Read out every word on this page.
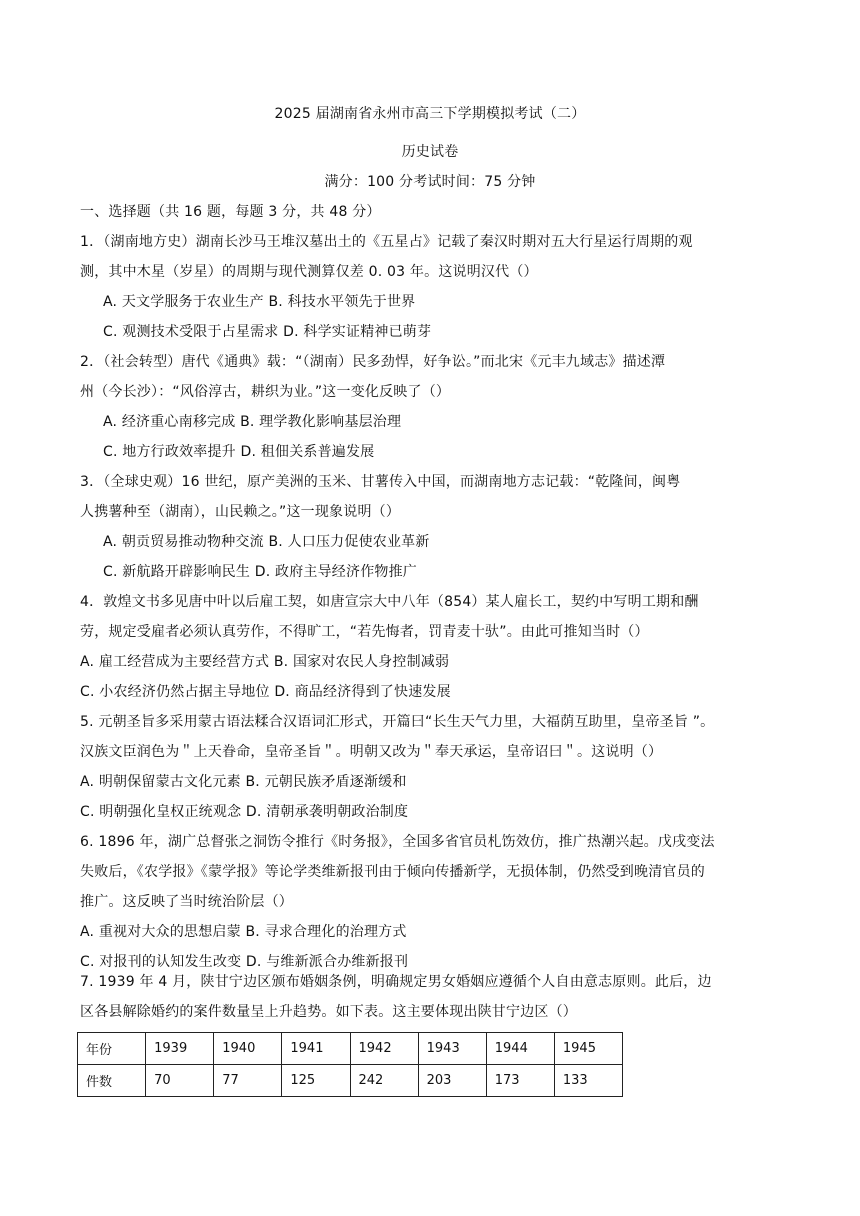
2025 届湖南省永州市高三下学期模拟考试（二）
历史试卷
满分：100 分考试时间：75 分钟
一、选择题（共 16 题，每题 3 分，共 48 分）
1．（湖南地方史）湖南长沙马王堆汉墓出土的《五星占》记载了秦汉时期对五大行星运行周期的观
测，其中木星（岁星）的周期与现代测算仅差 0. 03 年。这说明汉代（）
A. 天文学服务于农业生产 B. 科技水平领先于世界
C. 观测技术受限于占星需求 D. 科学实证精神已萌芽
2．（社会转型）唐代《通典》载：“（湖南）民多劲悍，好争讼。”而北宋《元丰九域志》描述潭
州（今长沙）：“风俗淳古，耕织为业。”这一变化反映了（）
A. 经济重心南移完成 B. 理学教化影响基层治理
C. 地方行政效率提升 D. 租佃关系普遍发展
3．（全球史观）16 世纪，原产美洲的玉米、甘薯传入中国，而湖南地方志记载：“乾隆间，闽粤
人携薯种至（湖南），山民赖之。”这一现象说明（）
A. 朝贡贸易推动物种交流 B. 人口压力促使农业革新
C. 新航路开辟影响民生 D. 政府主导经济作物推广
4．敦煌文书多见唐中叶以后雇工契，如唐宣宗大中八年（854）某人雇长工，契约中写明工期和酬
劳，规定受雇者必须认真劳作，不得旷工，“若先悔者，罚青麦十驮”。由此可推知当时（）
A. 雇工经营成为主要经营方式 B. 国家对农民人身控制减弱
C. 小农经济仍然占据主导地位 D. 商品经济得到了快速发展
5. 元朝圣旨多采用蒙古语法糅合汉语词汇形式，开篇曰“长生天气力里，大福荫互助里，皇帝圣旨 ”。
汉族文臣润色为＂上天眷命，皇帝圣旨＂。明朝又改为＂奉天承运，皇帝诏曰＂。这说明（）
A. 明朝保留蒙古文化元素 B. 元朝民族矛盾逐渐缓和
C. 明朝强化皇权正统观念 D. 清朝承袭明朝政治制度
6. 1896 年，湖广总督张之洞饬令推行《时务报》，全国多省官员札饬效仿，推广热潮兴起。戊戌变法
失败后，《农学报》《蒙学报》等论学类维新报刊由于倾向传播新学，无损体制，仍然受到晚清官员的
推广。这反映了当时统治阶层（）
A. 重视对大众的思想启蒙 B. 寻求合理化的治理方式
C. 对报刊的认知发生改变 D. 与维新派合办维新报刊
7. 1939 年 4 月，陕甘宁边区颁布婚姻条例，明确规定男女婚姻应遵循个人自由意志原则。此后，边
区各县解除婚约的案件数量呈上升趋势。如下表。这主要体现出陕甘宁边区（）
年份	1939	1940	1941	1942	1943	1944	1945
件数	70	77	125	242	203	173	133
